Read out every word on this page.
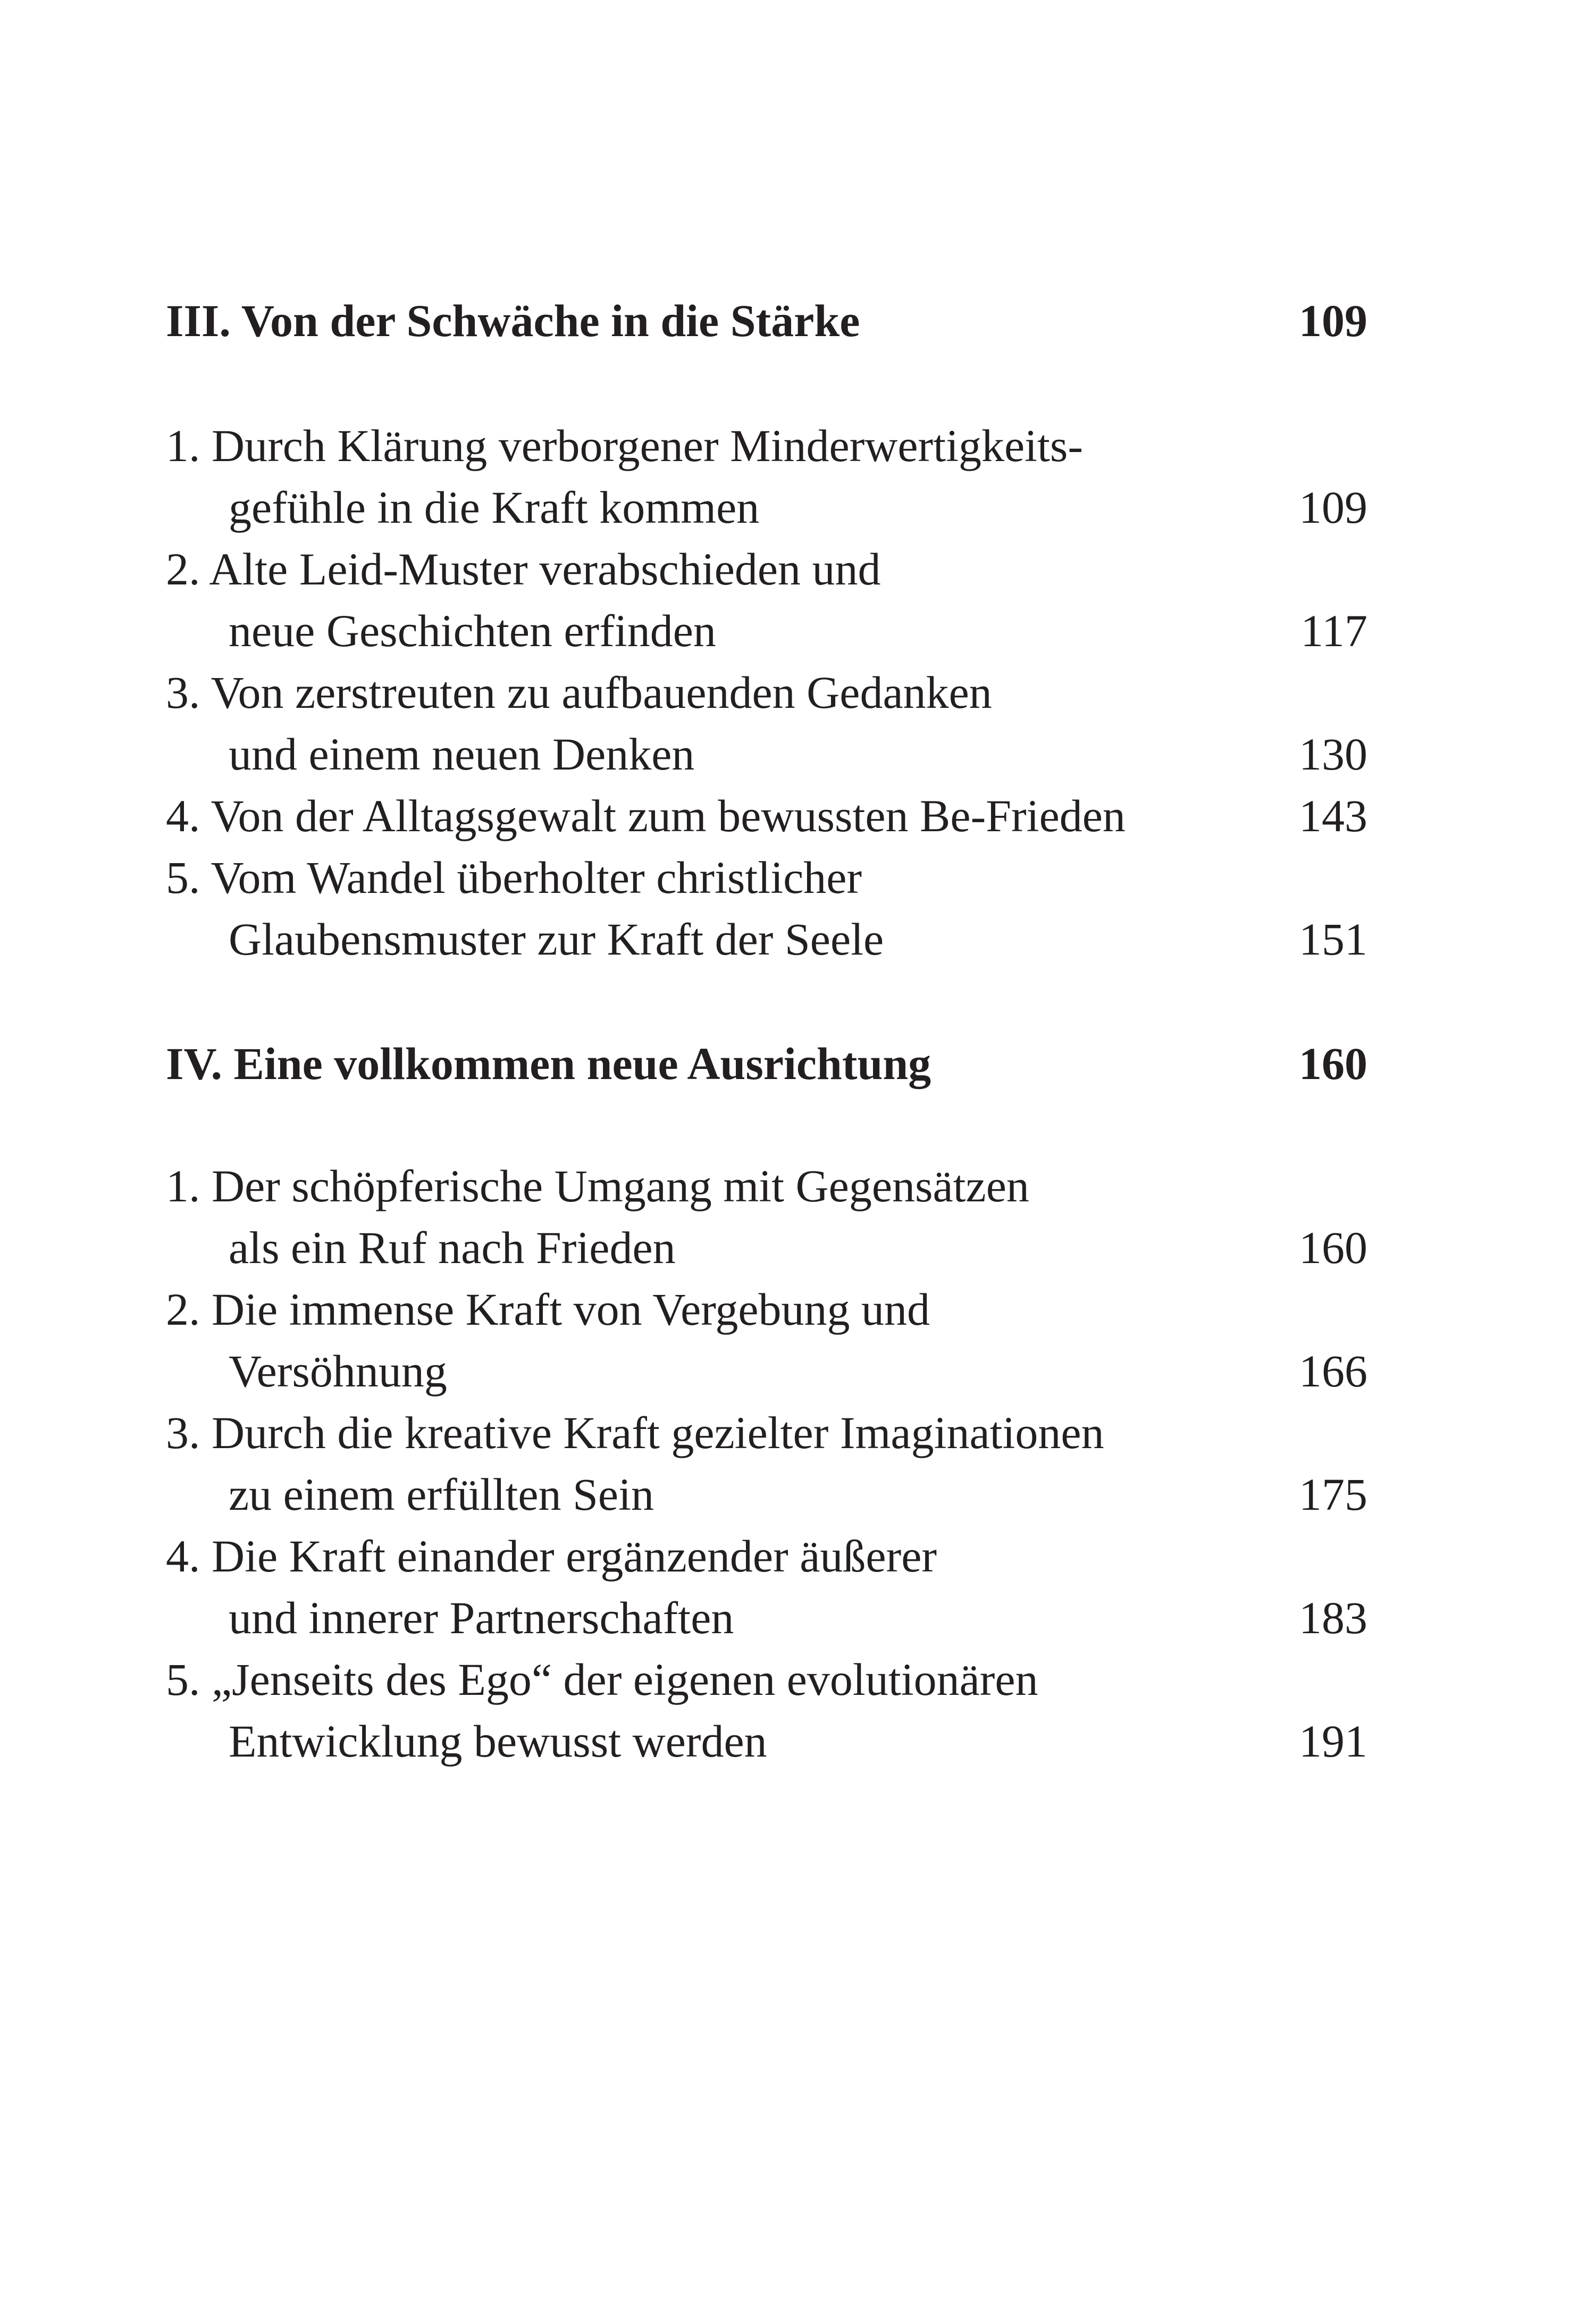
III. Von der Schwäche in die Stärke	109
1. Durch Klärung verborgener Minderwertigkeits-
gefühle in die Kraft kommen	109
2. Alte Leid-Muster verabschieden und
neue Geschichten erfinden	117
3. Von zerstreuten zu aufbauenden Gedanken
und einem neuen Denken	130
4. Von der Alltagsgewalt zum bewussten Be-Frieden	143
5. Vom Wandel überholter christlicher
Glaubensmuster zur Kraft der Seele	151
IV. Eine vollkommen neue Ausrichtung	160
1. Der schöpferische Umgang mit Gegensätzen
als ein Ruf nach Frieden	160
2. Die immense Kraft von Vergebung und
Versöhnung	166
3. Durch die kreative Kraft gezielter Imaginationen
zu einem erfüllten Sein	175
4. Die Kraft einander ergänzender äußerer
und innerer Partnerschaften	183
5. „Jenseits des Ego“ der eigenen evolutionären
Entwicklung bewusst werden	191
